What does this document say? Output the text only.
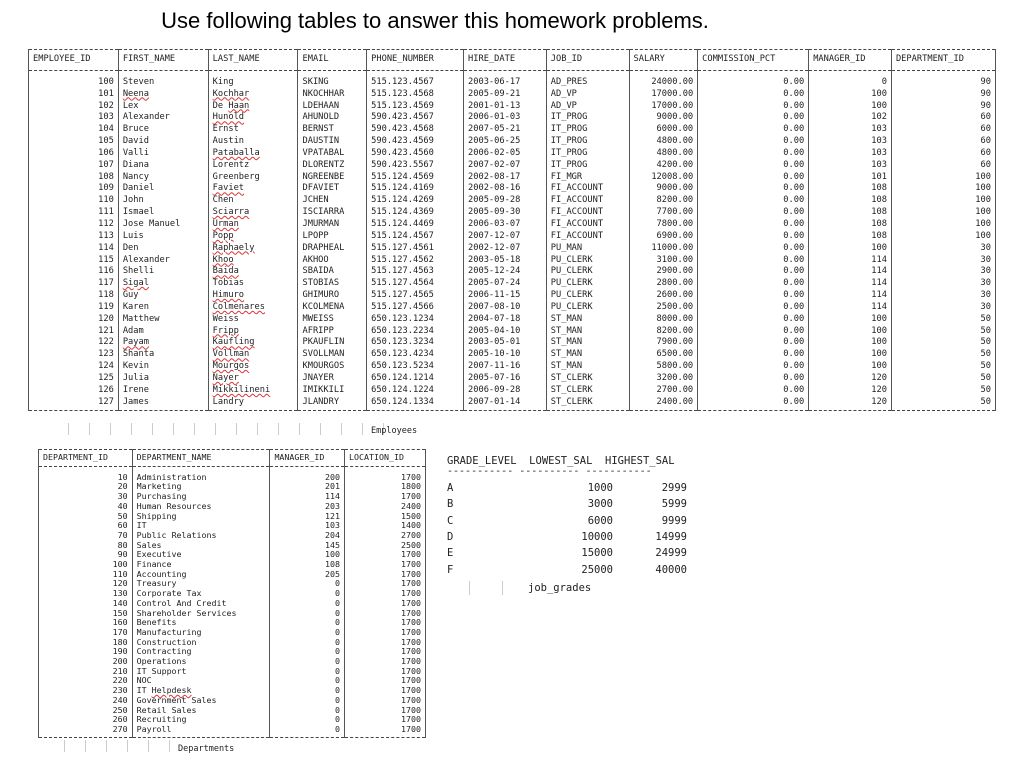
Use following tables to answer this homework problems.
EMPLOYEE_ID	FIRST_NAME	LAST_NAME	EMAIL	PHONE_NUMBER	HIRE_DATE	JOB_ID	SALARY	COMMISSION_PCT	MANAGER_ID	DEPARTMENT_ID
100	Steven	King	SKING	515.123.4567	2003-06-17	AD_PRES	24000.00	0.00	0	90
101	Neena	Kochhar	NKOCHHAR	515.123.4568	2005-09-21	AD_VP	17000.00	0.00	100	90
102	Lex	De Haan	LDEHAAN	515.123.4569	2001-01-13	AD_VP	17000.00	0.00	100	90
103	Alexander	Hunold	AHUNOLD	590.423.4567	2006-01-03	IT_PROG	9000.00	0.00	102	60
104	Bruce	Ernst	BERNST	590.423.4568	2007-05-21	IT_PROG	6000.00	0.00	103	60
105	David	Austin	DAUSTIN	590.423.4569	2005-06-25	IT_PROG	4800.00	0.00	103	60
106	Valli	Pataballa	VPATABAL	590.423.4560	2006-02-05	IT_PROG	4800.00	0.00	103	60
107	Diana	Lorentz	DLORENTZ	590.423.5567	2007-02-07	IT_PROG	4200.00	0.00	103	60
108	Nancy	Greenberg	NGREENBE	515.124.4569	2002-08-17	FI_MGR	12008.00	0.00	101	100
109	Daniel	Faviet	DFAVIET	515.124.4169	2002-08-16	FI_ACCOUNT	9000.00	0.00	108	100
110	John	Chen	JCHEN	515.124.4269	2005-09-28	FI_ACCOUNT	8200.00	0.00	108	100
111	Ismael	Sciarra	ISCIARRA	515.124.4369	2005-09-30	FI_ACCOUNT	7700.00	0.00	108	100
112	Jose Manuel	Urman	JMURMAN	515.124.4469	2006-03-07	FI_ACCOUNT	7800.00	0.00	108	100
113	Luis	Popp	LPOPP	515.124.4567	2007-12-07	FI_ACCOUNT	6900.00	0.00	108	100
114	Den	Raphaely	DRAPHEAL	515.127.4561	2002-12-07	PU_MAN	11000.00	0.00	100	30
115	Alexander	Khoo	AKHOO	515.127.4562	2003-05-18	PU_CLERK	3100.00	0.00	114	30
116	Shelli	Baida	SBAIDA	515.127.4563	2005-12-24	PU_CLERK	2900.00	0.00	114	30
117	Sigal	Tobias	STOBIAS	515.127.4564	2005-07-24	PU_CLERK	2800.00	0.00	114	30
118	Guy	Himuro	GHIMURO	515.127.4565	2006-11-15	PU_CLERK	2600.00	0.00	114	30
119	Karen	Colmenares	KCOLMENA	515.127.4566	2007-08-10	PU_CLERK	2500.00	0.00	114	30
120	Matthew	Weiss	MWEISS	650.123.1234	2004-07-18	ST_MAN	8000.00	0.00	100	50
121	Adam	Fripp	AFRIPP	650.123.2234	2005-04-10	ST_MAN	8200.00	0.00	100	50
122	Payam	Kaufling	PKAUFLIN	650.123.3234	2003-05-01	ST_MAN	7900.00	0.00	100	50
123	Shanta	Vollman	SVOLLMAN	650.123.4234	2005-10-10	ST_MAN	6500.00	0.00	100	50
124	Kevin	Mourgos	KMOURGOS	650.123.5234	2007-11-16	ST_MAN	5800.00	0.00	100	50
125	Julia	Nayer	JNAYER	650.124.1214	2005-07-16	ST_CLERK	3200.00	0.00	120	50
126	Irene	Mikkilineni	IMIKKILI	650.124.1224	2006-09-28	ST_CLERK	2700.00	0.00	120	50
127	James	Landry	JLANDRY	650.124.1334	2007-01-14	ST_CLERK	2400.00	0.00	120	50
Employees
DEPARTMENT_ID	DEPARTMENT_NAME	MANAGER_ID	LOCATION_ID
10	Administration	200	1700
20	Marketing	201	1800
30	Purchasing	114	1700
40	Human Resources	203	2400
50	Shipping	121	1500
60	IT	103	1400
70	Public Relations	204	2700
80	Sales	145	2500
90	Executive	100	1700
100	Finance	108	1700
110	Accounting	205	1700
120	Treasury	0	1700
130	Corporate Tax	0	1700
140	Control And Credit	0	1700
150	Shareholder Services	0	1700
160	Benefits	0	1700
170	Manufacturing	0	1700
180	Construction	0	1700
190	Contracting	0	1700
200	Operations	0	1700
210	IT Support	0	1700
220	NOC	0	1700
230	IT Helpdesk	0	1700
240	Government Sales	0	1700
250	Retail Sales	0	1700
260	Recruiting	0	1700
270	Payroll	0	1700
Departments
GRADE_LEVEL  LOWEST_SAL  HIGHEST_SAL
----------- ---------- -----------
A	1000	2999
B	3000	5999
C	6000	9999
D	10000	14999
E	15000	24999
F	25000	40000
job_grades
